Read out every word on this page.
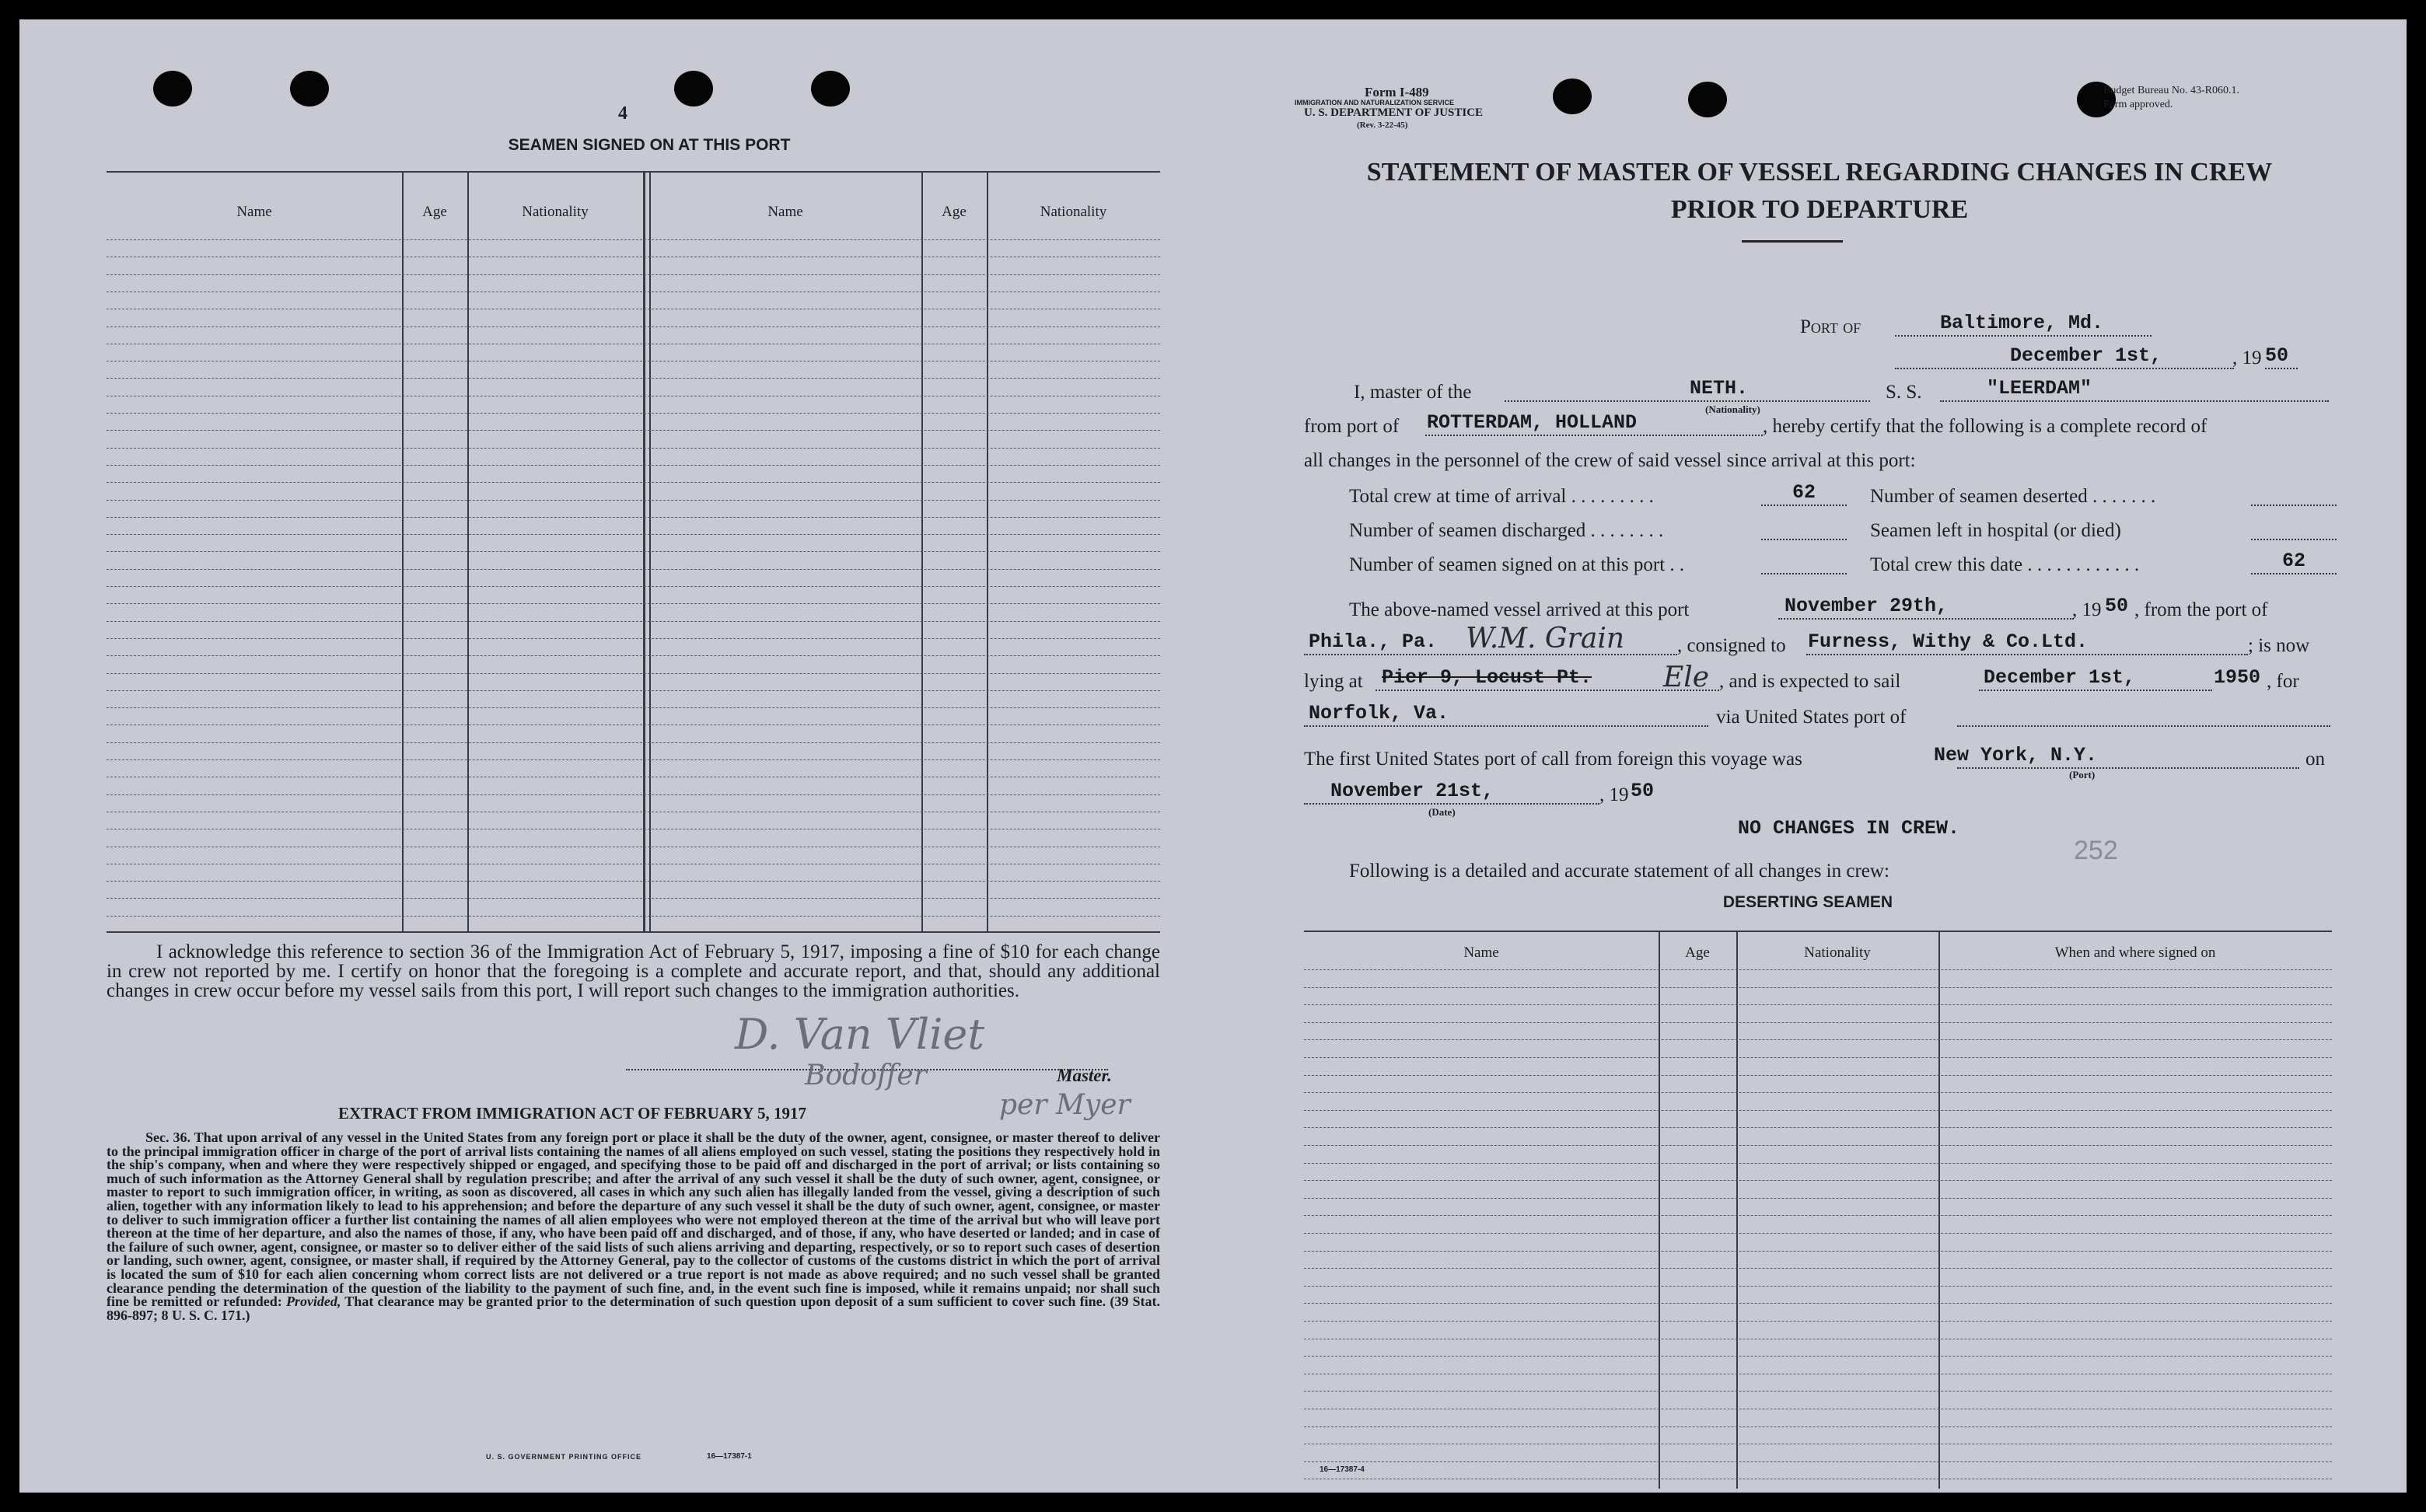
4
SEAMEN SIGNED ON AT THIS PORT
Name	Age	Nationality	Name	Age	Nationality
I acknowledge this reference to section 36 of the Immigration Act of February 5, 1917, imposing a fine of $10 for each change in crew not reported by me. I certify on honor that the foregoing is a complete and accurate report, and that, should any additional changes in crew occur before my vessel sails from this port, I will report such changes to the immigration authorities.
D. Van Vliet
Bodoffer
per Myer
Master.
EXTRACT FROM IMMIGRATION ACT OF FEBRUARY 5, 1917

Sec. 36. That upon arrival of any vessel in the United States from any foreign port or place it shall be the duty of the owner, agent, consignee, or master thereof to deliver to the principal immigration officer in charge of the port of arrival lists containing the names of all aliens employed on such vessel, stating the positions they respectively hold in the ship's company, when and where they were respectively shipped or engaged, and specifying those to be paid off and discharged in the port of arrival; or lists containing so much of such information as the Attorney General shall by regulation prescribe; and after the arrival of any such vessel it shall be the duty of such owner, agent, consignee, or master to report to such immigration officer, in writing, as soon as discovered, all cases in which any such alien has illegally landed from the vessel, giving a description of such alien, together with any information likely to lead to his apprehension; and before the departure of any such vessel it shall be the duty of such owner, agent, consignee, or master to deliver to such immigration officer a further list containing the names of all alien employees who were not employed thereon at the time of the arrival but who will leave port thereon at the time of her departure, and also the names of those, if any, who have been paid off and discharged, and of those, if any, who have deserted or landed; and in case of the failure of such owner, agent, consignee, or master so to deliver either of the said lists of such aliens arriving and departing, respectively, or so to report such cases of desertion or landing, such owner, agent, consignee, or master shall, if required by the Attorney General, pay to the collector of customs of the customs district in which the port of arrival is located the sum of $10 for each alien concerning whom correct lists are not delivered or a true report is not made as above required; and no such vessel shall be granted clearance pending the determination of the question of the liability to the payment of such fine, and, in the event such fine is imposed, while it remains unpaid; nor shall such fine be remitted or refunded: Provided, That clearance may be granted prior to the determination of such question upon deposit of a sum sufficient to cover such fine. (39 Stat. 896-897; 8 U. S. C. 171.)

U. S. GOVERNMENT PRINTING OFFICE	16—17387-1
Form I-489
IMMIGRATION AND NATURALIZATION SERVICE
U. S. DEPARTMENT OF JUSTICE
(Rev. 3-22-45)
Budget Bureau No. 43-R060.1.
Form approved.
STATEMENT OF MASTER OF VESSEL REGARDING CHANGES IN CREW
PRIOR TO DEPARTURE
Port of	Baltimore, Md.
December 1st,	, 19 50
I, master of the	NETH.
(Nationality)
S. S.	"LEERDAM"
from port of ROTTERDAM, HOLLAND	, hereby certify that the following is a complete record of
all changes in the personnel of the crew of said vessel since arrival at this port:
Total crew at time of arrival . . . . . . . . .	62	Number of seamen deserted . . . . . . .
Number of seamen discharged . . . . . . . .	Seamen left in hospital (or died)
Number of seamen signed on at this port . .	Total crew this date . . . . . . . . . . . .	62
The above-named vessel arrived at this port	November 29th,	, 19 50 , from the port of
Phila., Pa. W.M. Grain	, consigned to Furness, Withy & Co.Ltd.	; is now
lying at Pier 9, Locust Pt.	Ele , and is expected to sail	December 1st,	1950 , for
Norfolk, Va.	via United States port of
The first United States port of call from foreign this voyage was	New York, N.Y.
(Port)
on
November 21st,
(Date)
, 19 50
NO CHANGES IN CREW.
252
Following is a detailed and accurate statement of all changes in crew:
DESERTING SEAMEN
Name	Age	Nationality	When and where signed on
16—17387-4
